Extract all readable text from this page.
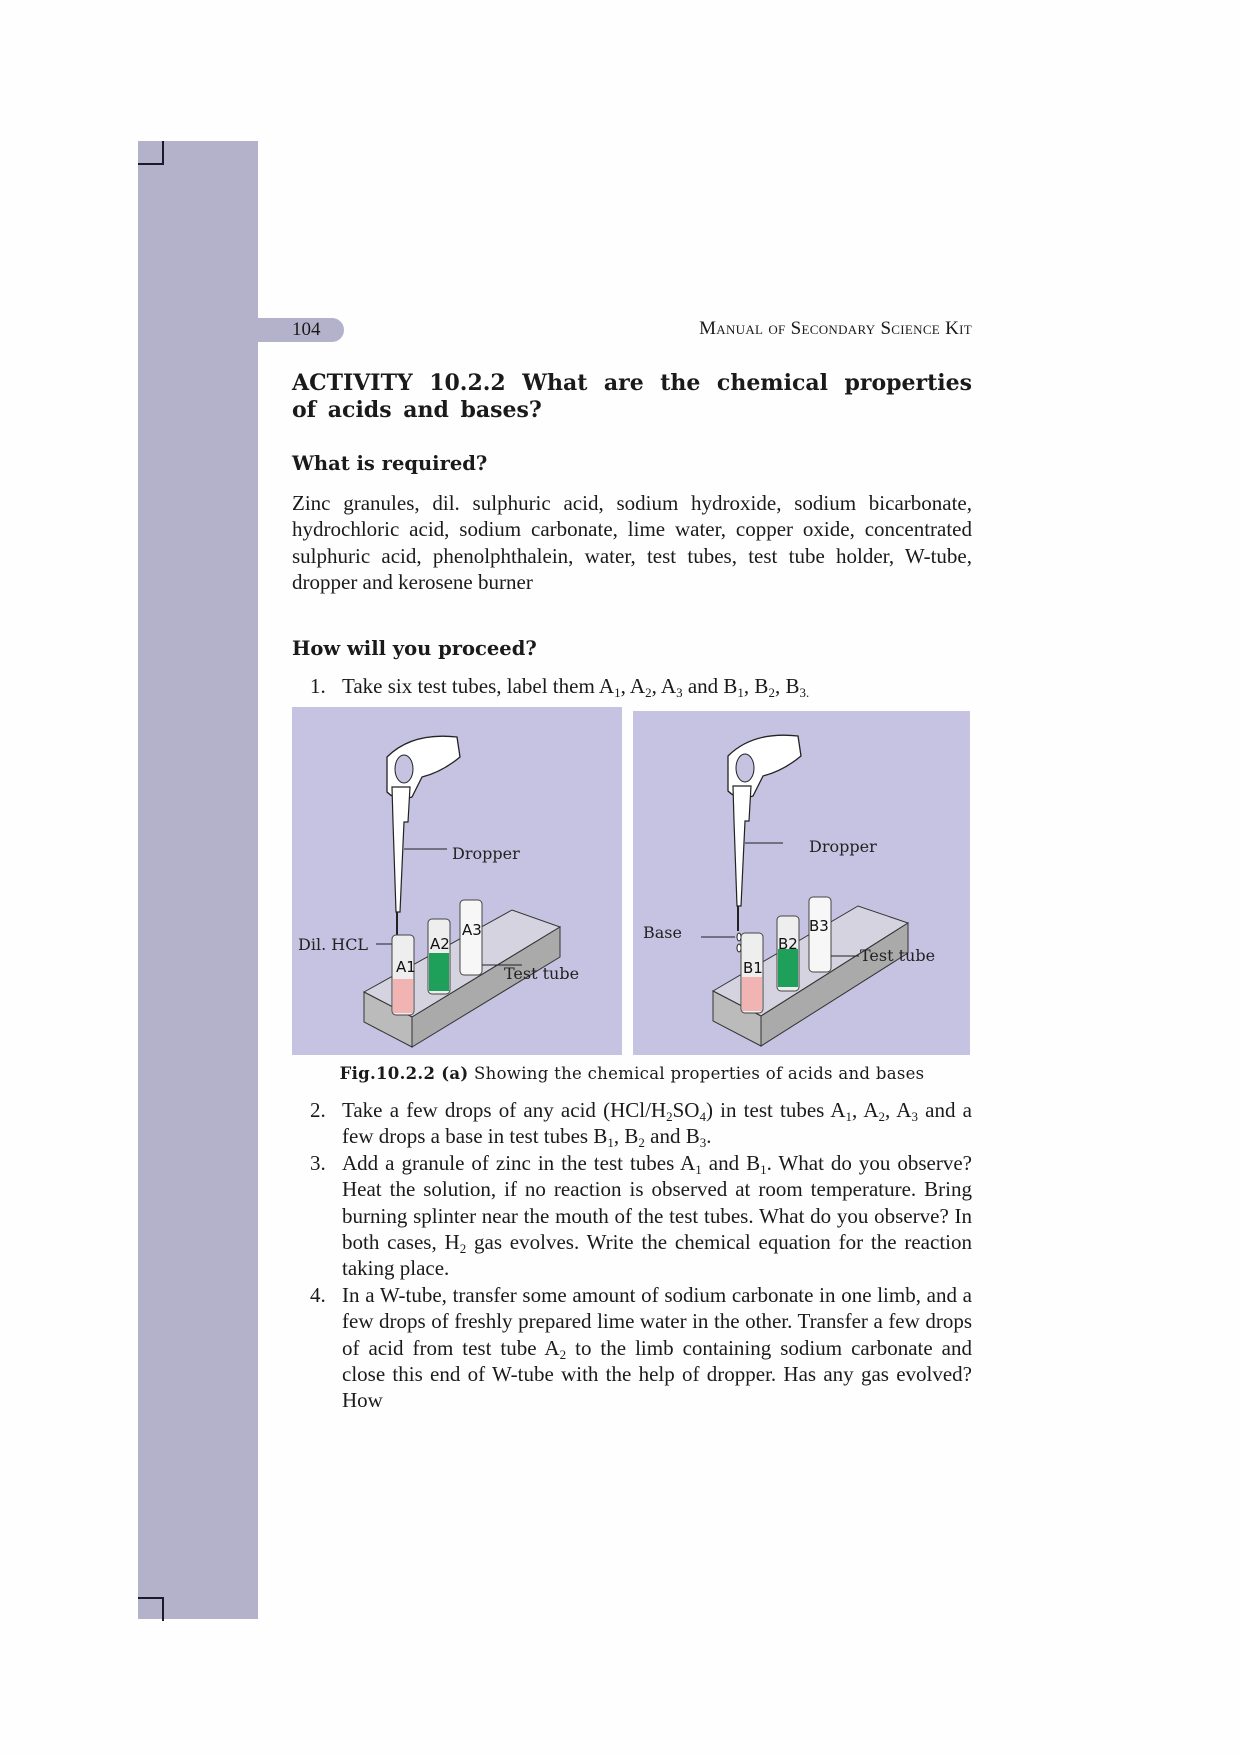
104	Manual of Secondary Science Kit
ACTIVITY 10.2.2 What are the chemical properties of acids and bases?
What is required?
Zinc granules, dil. sulphuric acid, sodium hydroxide, sodium bicarbonate, hydrochloric acid, sodium carbonate, lime water, copper oxide, concentrated sulphuric acid, phenolphthalein, water, test tubes, test tube holder, W-tube, dropper and kerosene burner
How will you proceed?
1. Take six test tubes, label them $A_1$, $A_2$, $A_3$ and $B_1$, $B_2$, $B_{3.}$
Dropper
Dil. HCL
A1
A2
A3
Test tube
Dropper
Base
B1
B2
B3
Test tube
Fig.10.2.2 (a) Showing the chemical properties of acids and bases
2. Take a few drops of any acid $(HCl/H_2SO_4)$ in test tubes $A_1$, $A_2$, $A_3$ and a few drops a base in test tubes $B_1$, $B_2$ and $B_3$.
3. Add a granule of zinc in the test tubes $A_1$ and $B_1$. What do you observe? Heat the solution, if no reaction is observed at room temperature. Bring burning splinter near the mouth of the test tubes. What do you observe? In both cases, $H_2$ gas evolves. Write the chemical equation for the reaction taking place.
4. In a W-tube, transfer some amount of sodium carbonate in one limb, and a few drops of freshly prepared lime water in the other. Transfer a few drops of acid from test tube $A_2$ to the limb containing sodium carbonate and close this end of W-tube with the help of dropper. Has any gas evolved? How
